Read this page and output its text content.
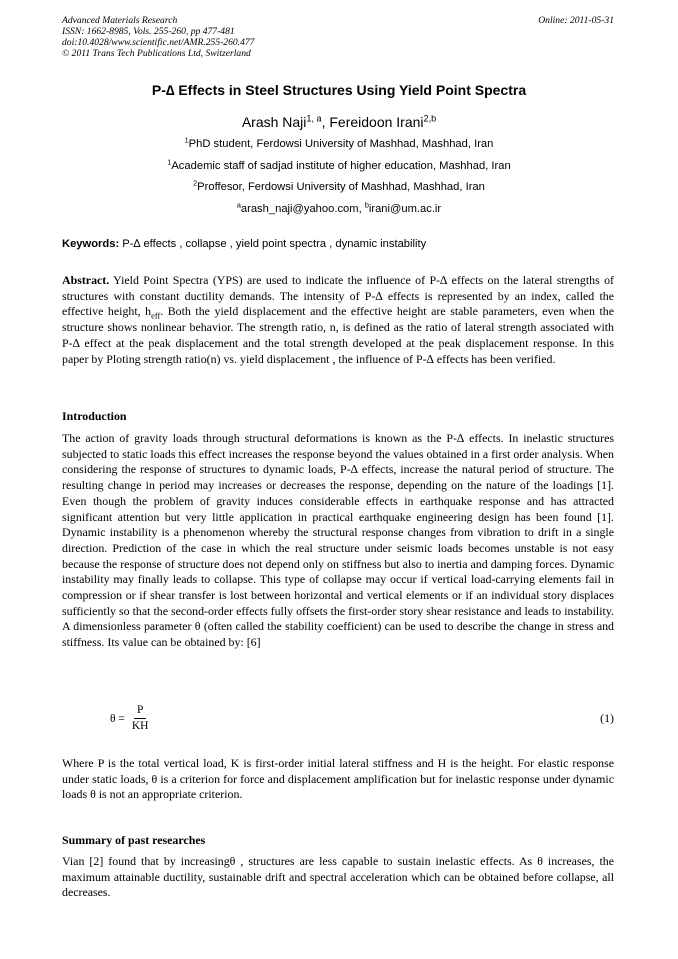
Advanced Materials Research
ISSN: 1662-8985, Vols. 255-260, pp 477-481
doi:10.4028/www.scientific.net/AMR.255-260.477
© 2011 Trans Tech Publications Ltd, Switzerland
Online: 2011-05-31
P-∆ Effects in Steel Structures Using Yield Point Spectra
Arash Naji$^{1, a}$, Fereidoon Irani$^{2,b}$
$^1$PhD student, Ferdowsi University of Mashhad, Mashhad, Iran
$^1$Academic staff of sadjad institute of higher education, Mashhad, Iran
$^2$Proffesor, Ferdowsi University of Mashhad, Mashhad, Iran
$^a$arash_naji@yahoo.com, $^b$irani@um.ac.ir
Keywords: P-∆ effects , collapse , yield point spectra , dynamic instability
Abstract. Yield Point Spectra (YPS) are used to indicate the influence of P-∆ effects on the lateral strengths of structures with constant ductility demands. The intensity of P-∆ effects is represented by an index, called the effective height, $h_{eff}$. Both the yield displacement and the effective height are stable parameters, even when the structure shows nonlinear behavior. The strength ratio, n, is defined as the ratio of lateral strength associated with P-∆ effect at the peak displacement and the total strength developed at the peak displacement response. In this paper by Ploting strength ratio(n) vs. yield displacement , the influence of P-∆ effects has been verified.
Introduction
The action of gravity loads through structural deformations is known as the P-∆ effects. In inelastic structures subjected to static loads this effect increases the response beyond the values obtained in a first order analysis. When considering the response of structures to dynamic loads, P-∆ effects, increase the natural period of structure. The resulting change in period may increases or decreases the response, depending on the nature of the loadings [1]. Even though the problem of gravity induces considerable effects in earthquake response and has attracted significant attention but very little application in practical earthquake engineering design has been found [1]. Dynamic instability is a phenomenon whereby the structural response changes from vibration to drift in a single direction. Prediction of the case in which the real structure under seismic loads becomes unstable is not easy because the response of structure does not depend only on stiffness but also to inertia and damping forces. Dynamic instability may finally leads to collapse. This type of collapse may occur if vertical load-carrying elements fail in compression or if shear transfer is lost between horizontal and vertical elements or if an individual story displaces sufficiently so that the second-order effects fully offsets the first-order story shear resistance and leads to instability. A dimensionless parameter θ (often called the stability coefficient) can be used to describe the change in stress and stiffness. Its value can be obtained by: [6]
$\theta = \frac{P}{KH}$	(1)
Where P is the total vertical load, K is first-order initial lateral stiffness and H is the height. For elastic response under static loads, θ is a criterion for force and displacement amplification but for inelastic response under dynamic loads θ is not an appropriate criterion.
Summary of past researches
Vian [2] found that by increasingθ , structures are less capable to sustain inelastic effects. As θ increases, the maximum attainable ductility, sustainable drift and spectral acceleration which can be obtained before collapse, all decreases.
